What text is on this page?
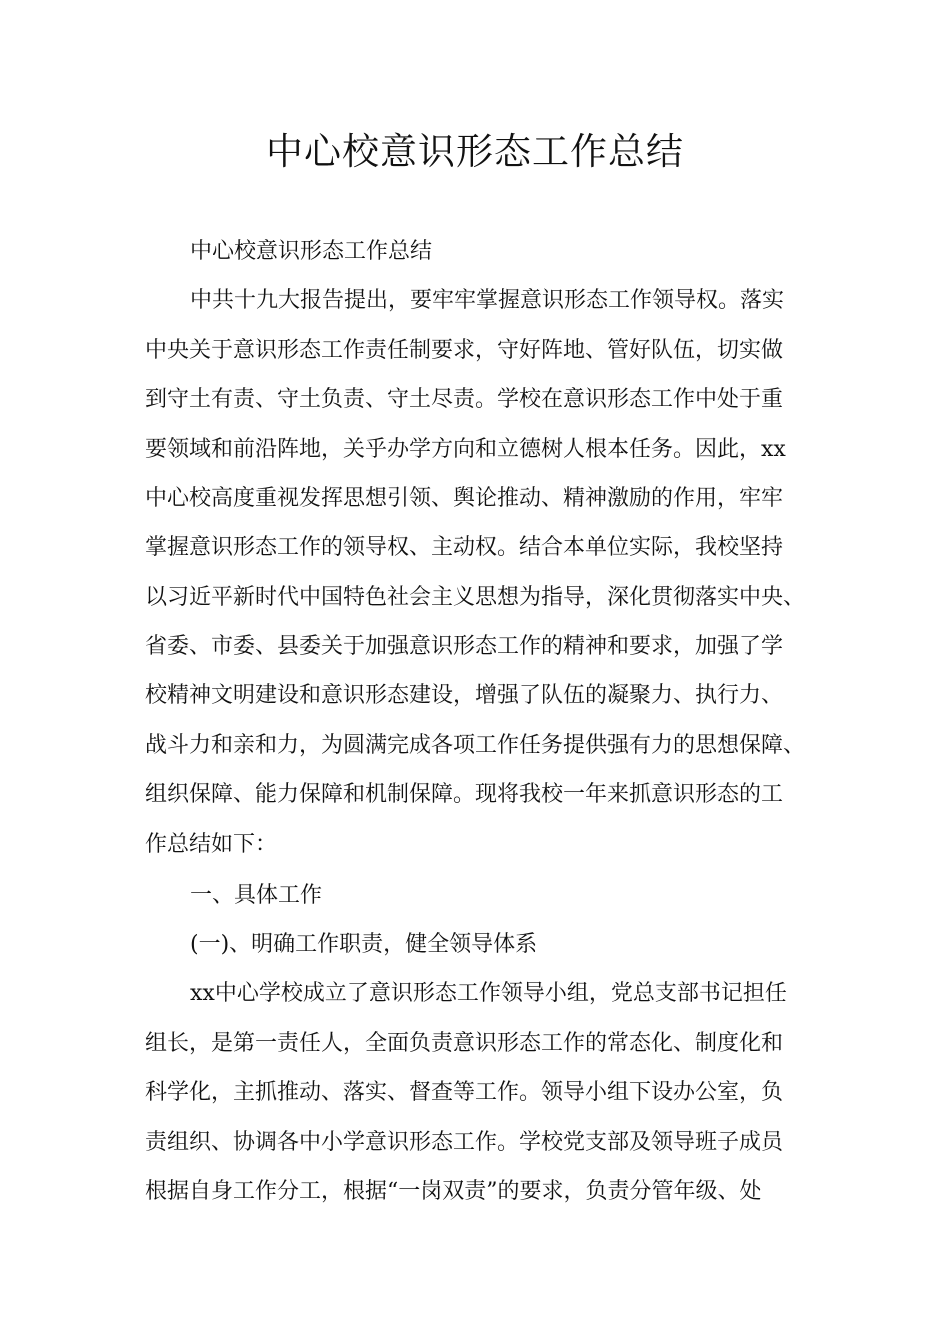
中心校意识形态工作总结

中心校意识形态工作总结

中共十九大报告提出，要牢牢掌握意识形态工作领导权。落实

中央关于意识形态工作责任制要求，守好阵地、管好队伍，切实做

到守土有责、守土负责、守土尽责。学校在意识形态工作中处于重

要领域和前沿阵地，关乎办学方向和立德树人根本任务。因此，xx

中心校高度重视发挥思想引领、舆论推动、精神激励的作用，牢牢

掌握意识形态工作的领导权、主动权。结合本单位实际，我校坚持

以习近平新时代中国特色社会主义思想为指导，深化贯彻落实中央、

省委、市委、县委关于加强意识形态工作的精神和要求，加强了学

校精神文明建设和意识形态建设，增强了队伍的凝聚力、执行力、

战斗力和亲和力，为圆满完成各项工作任务提供强有力的思想保障、

组织保障、能力保障和机制保障。现将我校一年来抓意识形态的工

作总结如下：

一、具体工作

(一)、明确工作职责，健全领导体系

xx中心学校成立了意识形态工作领导小组，党总支部书记担任

组长，是第一责任人，全面负责意识形态工作的常态化、制度化和

科学化，主抓推动、落实、督查等工作。领导小组下设办公室，负

责组织、协调各中小学意识形态工作。学校党支部及领导班子成员

根据自身工作分工，根据“一岗双责”的要求，负责分管年级、处
